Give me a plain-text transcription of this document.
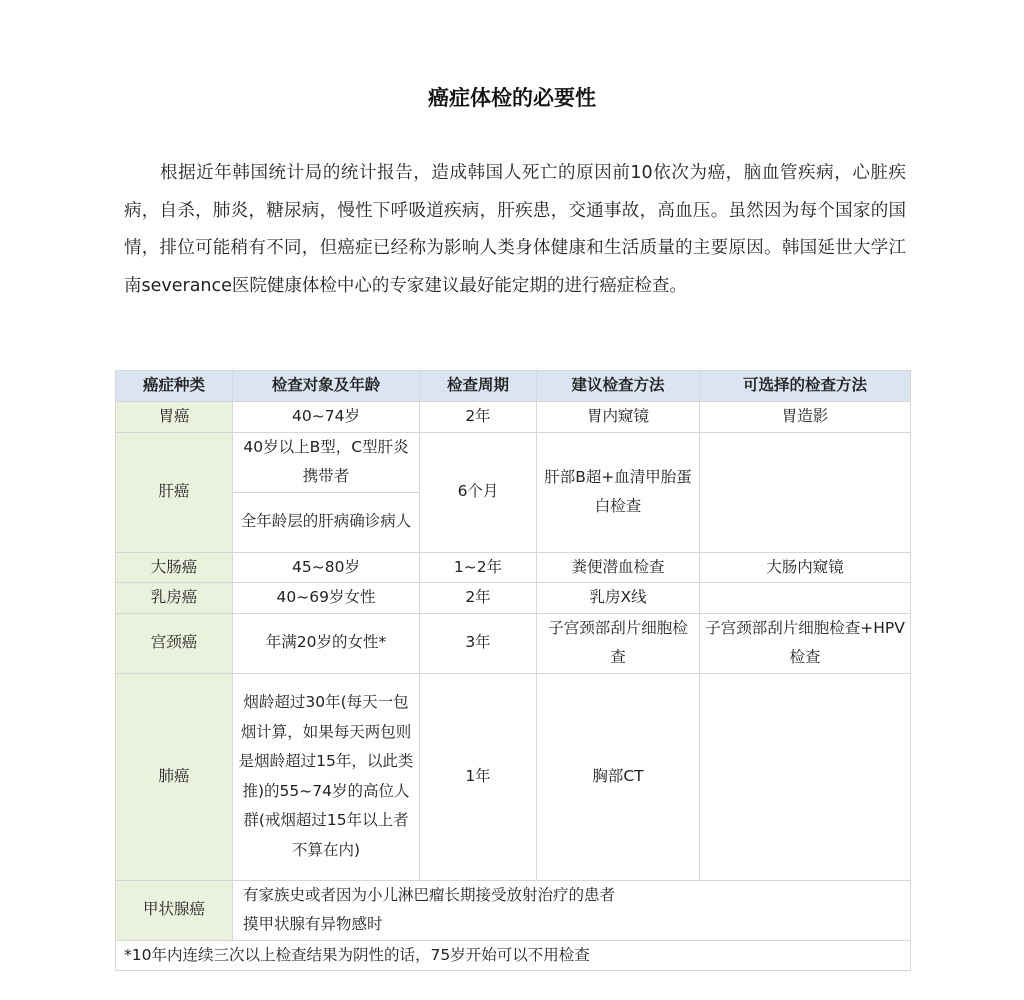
癌症体检的必要性

根据近年韩国统计局的统计报告，造成韩国人死亡的原因前10依次为癌，脑血管疾病，心脏疾病，自杀，肺炎，糖尿病，慢性下呼吸道疾病，肝疾患，交通事故，高血压。虽然因为每个国家的国情，排位可能稍有不同，但癌症已经称为影响人类身体健康和生活质量的主要原因。韩国延世大学江南severance医院健康体检中心的专家建议最好能定期的进行癌症检查。

癌症种类	检查对象及年龄	检查周期	建议检查方法	可选择的检查方法
胃癌	40~74岁	2年	胃内窥镜	胃造影
肝癌	40岁以上B型，C型肝炎携带者	6个月	肝部B超+血清甲胎蛋白检查	
	全年龄层的肝病确诊病人			
大肠癌	45~80岁	1~2年	粪便潜血检查	大肠内窥镜
乳房癌	40~69岁女性	2年	乳房X线	
宫颈癌	年满20岁的女性*	3年	子宫颈部刮片细胞检查	子宫颈部刮片细胞检查+HPV检查
肺癌	烟龄超过30年(每天一包烟计算，如果每天两包则是烟龄超过15年，以此类推)的55~74岁的高位人群(戒烟超过15年以上者不算在内)	1年	胸部CT	
甲状腺癌	有家族史或者因为小儿淋巴瘤长期接受放射治疗的患者
摸甲状腺有异物感时			

*10年内连续三次以上检查结果为阴性的话，75岁开始可以不用检查				
